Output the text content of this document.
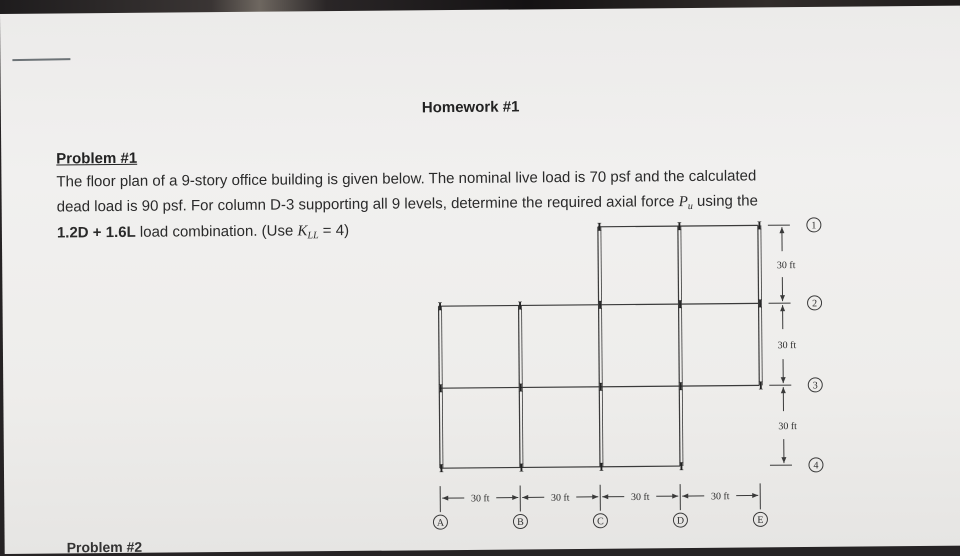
Homework #1
Problem #1
The floor plan of a 9-story office building is given below. The nominal live load is 70 psf and the calculated
dead load is 90 psf. For column D-3 supporting all 9 levels, determine the required axial force $P_u$ using the
1.2D + 1.6L load combination. (Use $K_{LL} = 4$)
I
I
I
I
I
I
I
I
I
I
I
I
I
I
I
I
I
30 ft	30 ft	30 ft	30 ft
30 ft
30 ft
30 ft
A	B	C	D	E
1
2
3
4
Problem #2
